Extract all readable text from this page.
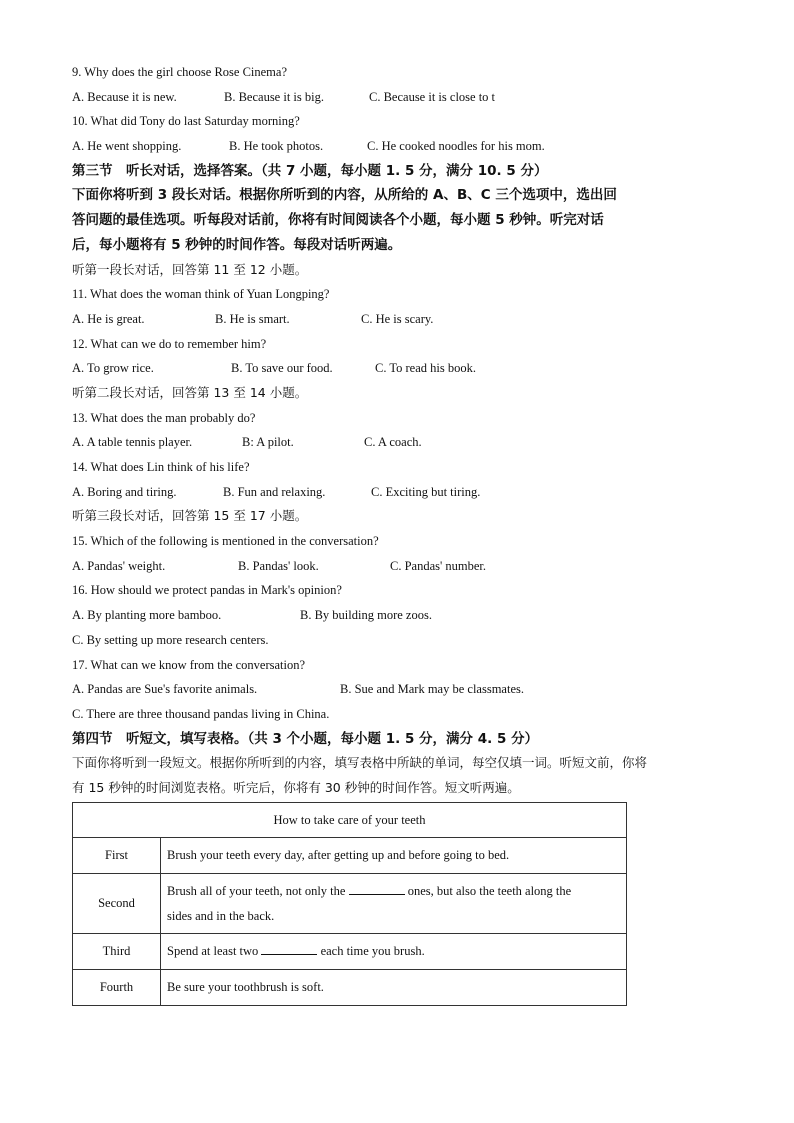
9. Why does the girl choose Rose Cinema?
A. Because it is new.	B. Because it is big.	C. Because it is close to t
10. What did Tony do last Saturday morning?
A. He went shopping.	B. He took photos.	C. He cooked noodles for his mom.
第三节　听长对话，选择答案。（共 7 小题，每小题 1. 5 分，满分 10. 5 分）
下面你将听到 3 段长对话。根据你所听到的内容，从所给的 A、B、C 三个选项中，选出回
答问题的最佳选项。听每段对话前，你将有时间阅读各个小题，每小题 5 秒钟。听完对话
后，每小题将有 5 秒钟的时间作答。每段对话听两遍。
听第一段长对话，回答第 11 至 12 小题。
11. What does the woman think of Yuan Longping?
A. He is great.	B. He is smart.	C. He is scary.
12. What can we do to remember him?
A. To grow rice.	B. To save our food.	C. To read his book.
听第二段长对话，回答第 13 至 14 小题。
13. What does the man probably do?
A. A table tennis player.	B: A pilot.	C. A coach.
14. What does Lin think of his life?
A. Boring and tiring.	B. Fun and relaxing.	C. Exciting but tiring.
听第三段长对话，回答第 15 至 17 小题。
15. Which of the following is mentioned in the conversation?
A. Pandas' weight.	B. Pandas' look.	C. Pandas' number.
16. How should we protect pandas in Mark's opinion?
A. By planting more bamboo.	B. By building more zoos.
C. By setting up more research centers.
17. What can we know from the conversation?
A. Pandas are Sue's favorite animals.	B. Sue and Mark may be classmates.
C. There are three thousand pandas living in China.
第四节　听短文，填写表格。（共 3 个小题，每小题 1. 5 分，满分 4. 5 分）
下面你将听到一段短文。根据你所听到的内容，填写表格中所缺的单词，每空仅填一词。听短文前，你将
有 15 秒钟的时间浏览表格。听完后，你将有 30 秒钟的时间作答。短文听两遍。
How to take care of your teeth	
First	Brush your teeth every day, after getting up and before going to bed.
Second	Brush all of your teeth, not only the ones, but also the teeth along the
sides and in the back.
Third	Spend at least two each time you brush.
Fourth	Be sure your toothbrush is soft.
